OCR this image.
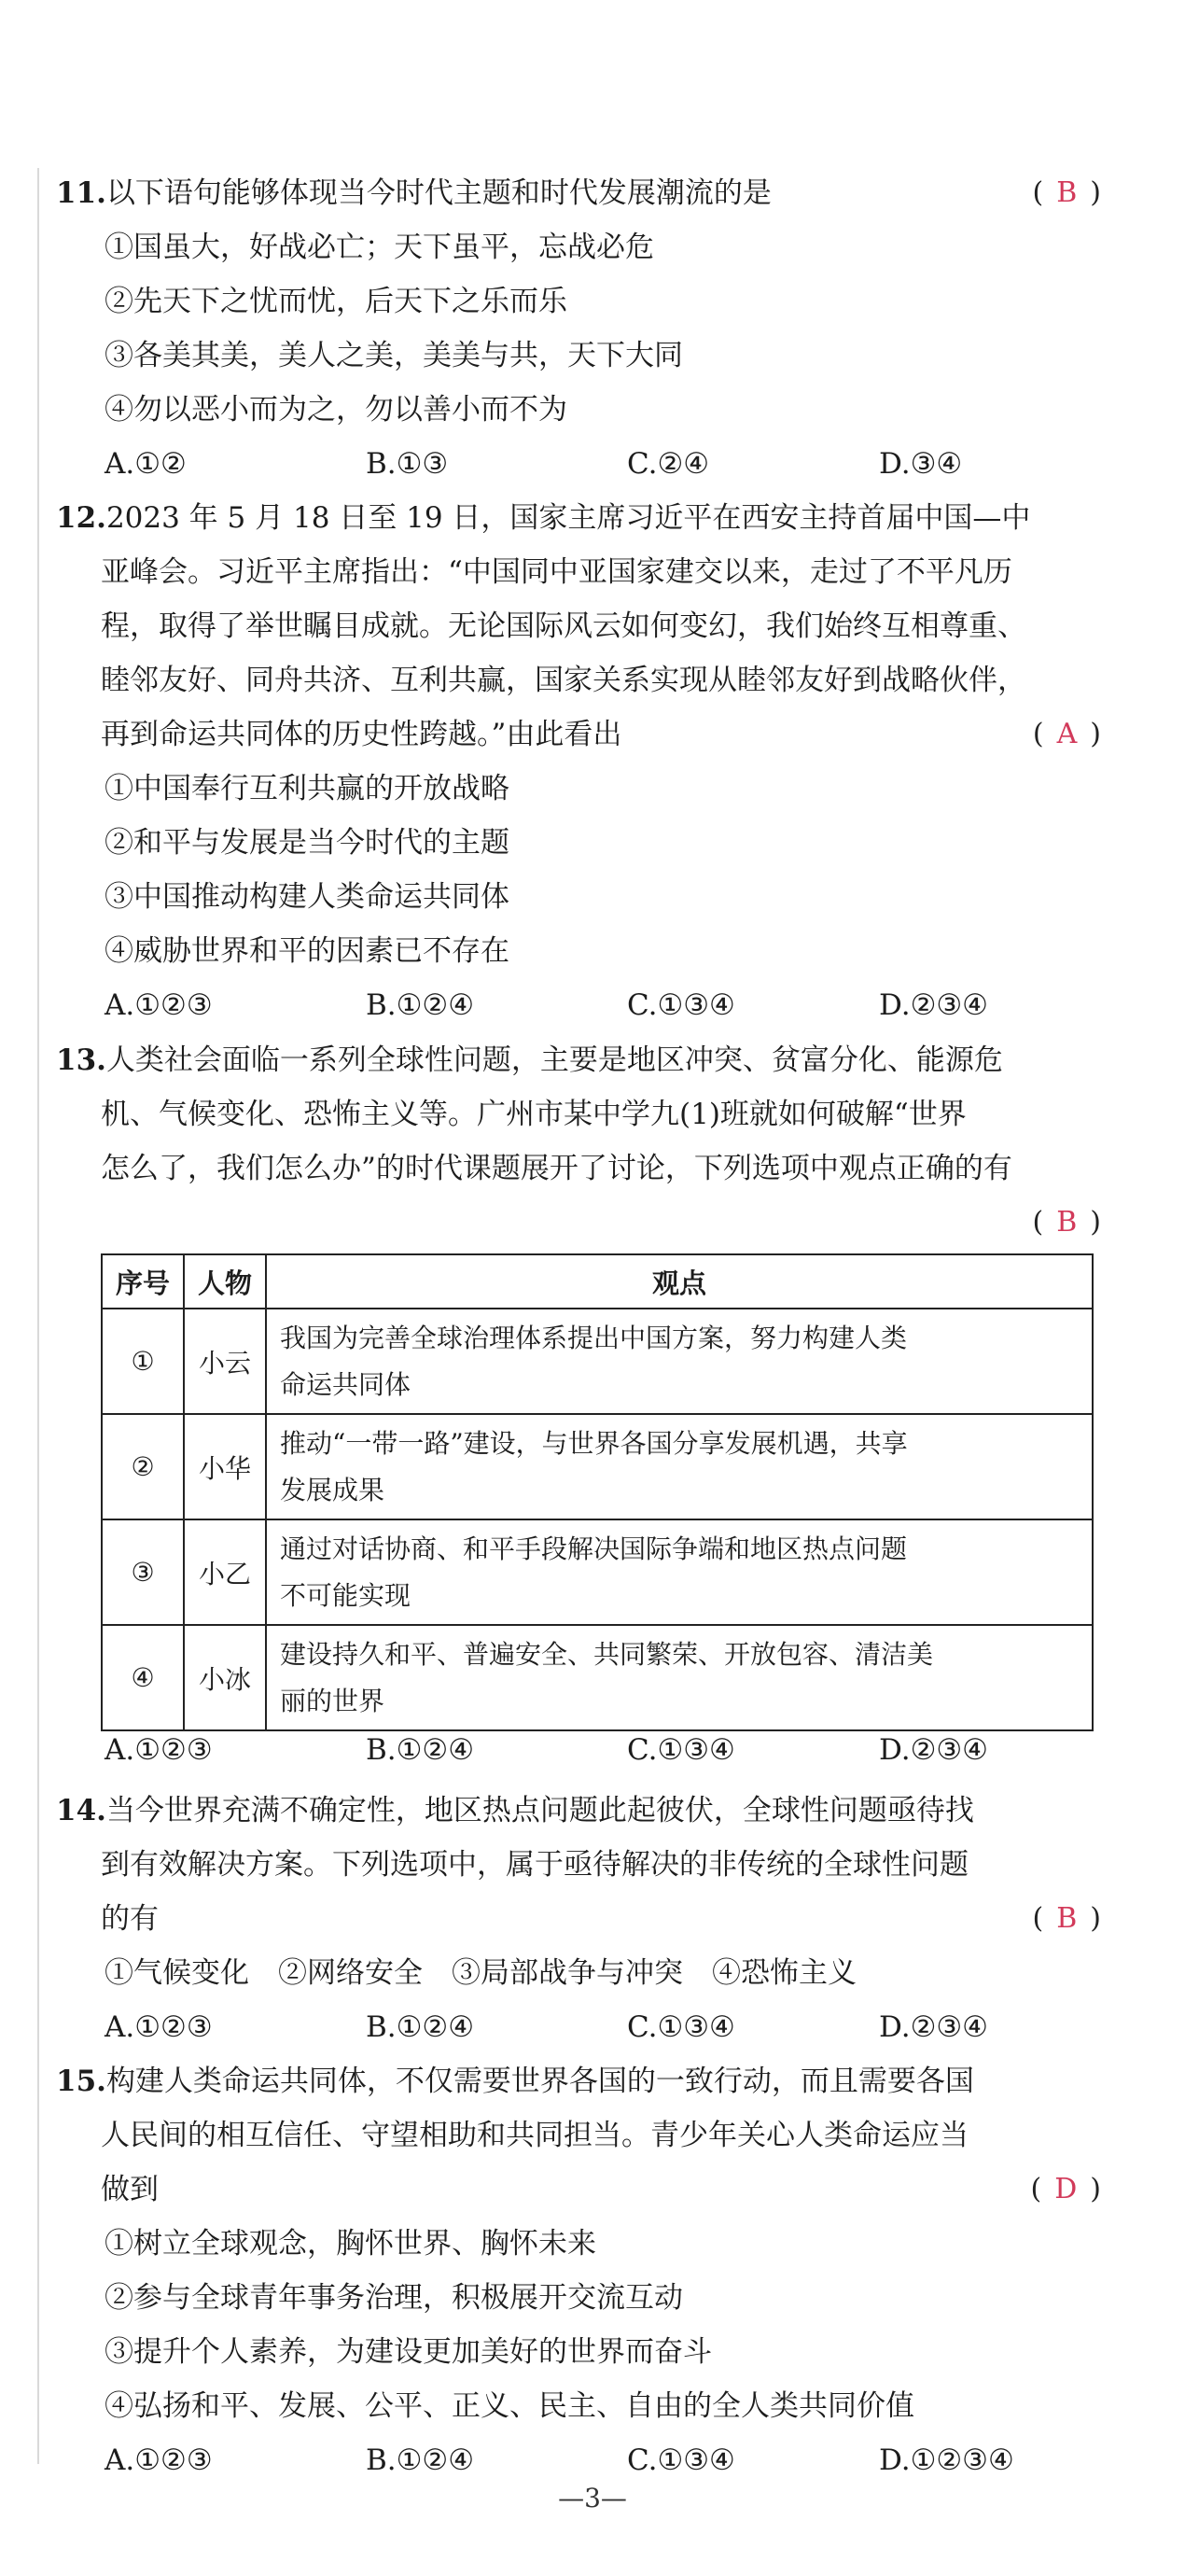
11.以下语句能够体现当今时代主题和时代发展潮流的是	( B )
①国虽大，好战必亡；天下虽平，忘战必危
②先天下之忧而忧，后天下之乐而乐
③各美其美，美人之美，美美与共，天下大同
④勿以恶小而为之，勿以善小而不为
A.①②	B.①③	C.②④	D.③④
12.2023 年 5 月 18 日至 19 日，国家主席习近平在西安主持首届中国—中
亚峰会。习近平主席指出：“中国同中亚国家建交以来，走过了不平凡历
程，取得了举世瞩目成就。无论国际风云如何变幻，我们始终互相尊重、
睦邻友好、同舟共济、互利共赢，国家关系实现从睦邻友好到战略伙伴，
再到命运共同体的历史性跨越。”由此看出	( A )
①中国奉行互利共赢的开放战略
②和平与发展是当今时代的主题
③中国推动构建人类命运共同体
④威胁世界和平的因素已不存在
A.①②③	B.①②④	C.①③④	D.②③④
13.人类社会面临一系列全球性问题，主要是地区冲突、贫富分化、能源危
机、气候变化、恐怖主义等。广州市某中学九(1)班就如何破解“世界
怎么了，我们怎么办”的时代课题展开了讨论，下列选项中观点正确的有
( B )
序号	人物	观点
①	小云	我国为完善全球治理体系提出中国方案，努力构建人类
命运共同体

②	小华	推动“一带一路”建设，与世界各国分享发展机遇，共享
发展成果

③	小乙	通过对话协商、和平手段解决国际争端和地区热点问题
不可能实现

④	小冰	建设持久和平、普遍安全、共同繁荣、开放包容、清洁美
丽的世界
A.①②③	B.①②④	C.①③④	D.②③④
14.当今世界充满不确定性，地区热点问题此起彼伏，全球性问题亟待找
到有效解决方案。下列选项中，属于亟待解决的非传统的全球性问题
的有	( B )
①气候变化　②网络安全　③局部战争与冲突　④恐怖主义
A.①②③	B.①②④	C.①③④	D.②③④
15.构建人类命运共同体，不仅需要世界各国的一致行动，而且需要各国
人民间的相互信任、守望相助和共同担当。青少年关心人类命运应当
做到	( D )
①树立全球观念，胸怀世界、胸怀未来
②参与全球青年事务治理，积极展开交流互动
③提升个人素养，为建设更加美好的世界而奋斗
④弘扬和平、发展、公平、正义、民主、自由的全人类共同价值
A.①②③	B.①②④	C.①③④	D.①②③④
—3—
